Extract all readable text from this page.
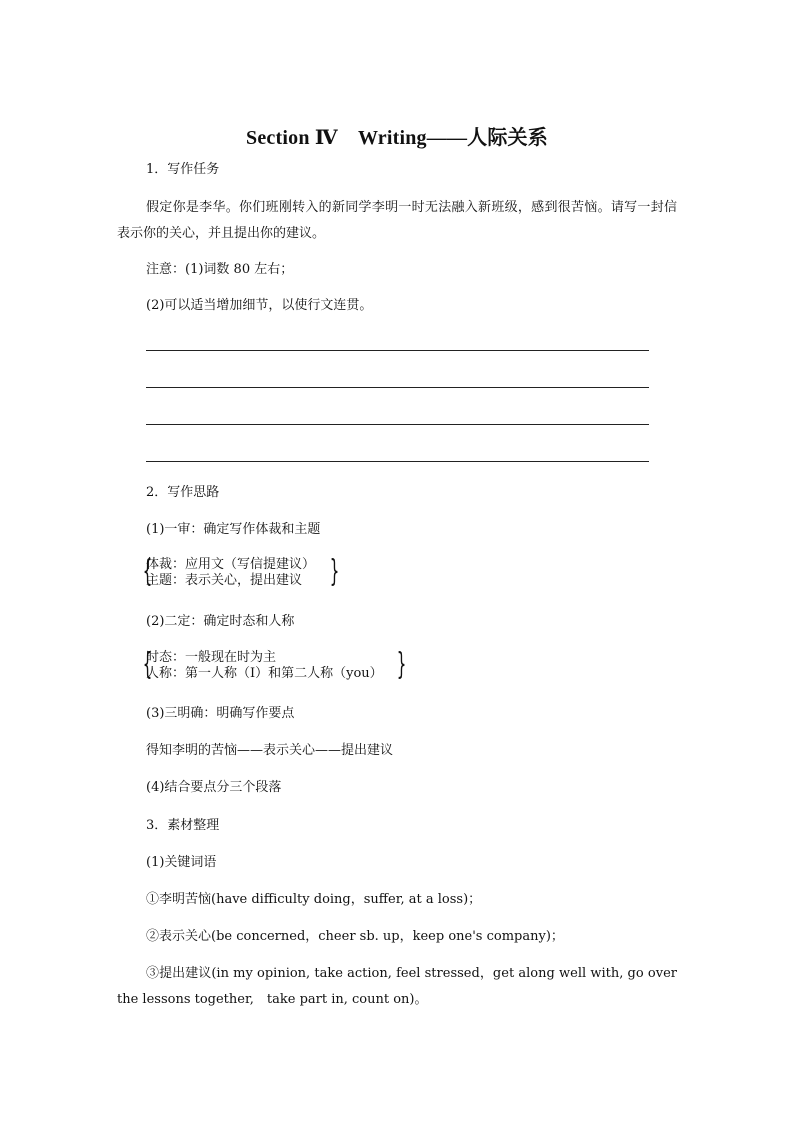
Section Ⅳ　Writing——人际关系
1．写作任务
假定你是李华。你们班刚转入的新同学李明一时无法融入新班级，感到很苦恼。请写一封信表示你的关心，并且提出你的建议。
注意：(1)词数 80 左右；
(2)可以适当增加细节，以使行文连贯。
2．写作思路
(1)一审：确定写作体裁和主题
{
体裁：应用文（写信提建议）
主题：表示关心，提出建议 }
(2)二定：确定时态和人称
{
时态：一般现在时为主
人称：第一人称（I）和第二人称（you） }
(3)三明确：明确写作要点
得知李明的苦恼——表示关心——提出建议
(4)结合要点分三个段落
3．素材整理
(1)关键词语
①李明苦恼(have difficulty doing，suffer, at a loss)；
②表示关心(be concerned，cheer sb. up，keep one's company)；
③提出建议(in my opinion, take action, feel stressed，get along well with, go over the lessons together,　take part in, count on)。
